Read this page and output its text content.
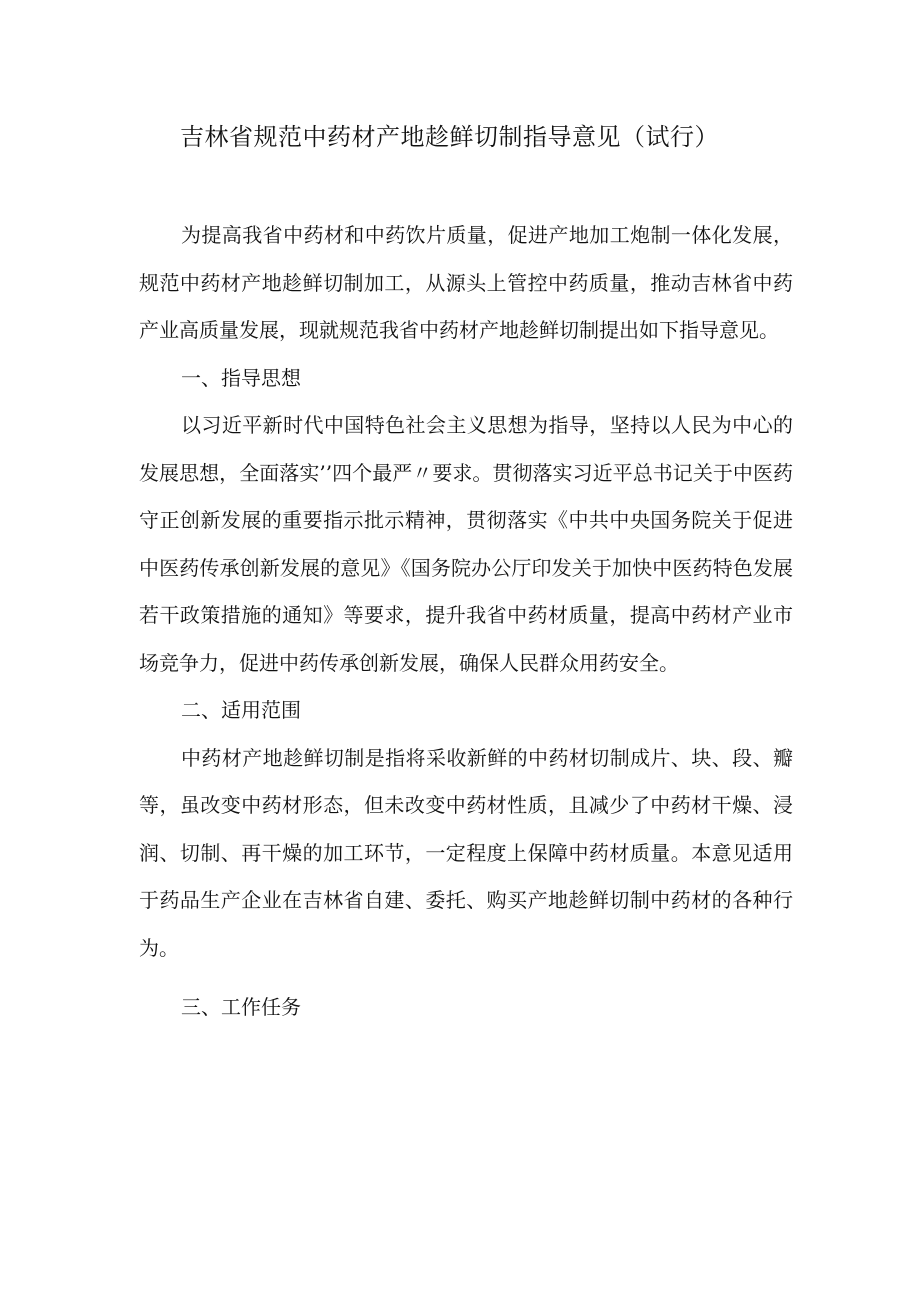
吉林省规范中药材产地趁鲜切制指导意见（试行）

为提高我省中药材和中药饮片质量，促进产地加工炮制一体化发展，规范中药材产地趁鲜切制加工，从源头上管控中药质量，推动吉林省中药产业高质量发展，现就规范我省中药材产地趁鲜切制提出如下指导意见。

一、指导思想

以习近平新时代中国特色社会主义思想为指导，坚持以人民为中心的发展思想，全面落实’’四个最严〃要求。贯彻落实习近平总书记关于中医药守正创新发展的重要指示批示精神，贯彻落实《中共中央国务院关于促进中医药传承创新发展的意见》《国务院办公厅印发关于加快中医药特色发展若干政策措施的通知》等要求，提升我省中药材质量，提高中药材产业市场竞争力，促进中药传承创新发展，确保人民群众用药安全。

二、适用范围

中药材产地趁鲜切制是指将采收新鲜的中药材切制成片、块、段、瓣等，虽改变中药材形态，但未改变中药材性质，且减少了中药材干燥、浸润、切制、再干燥的加工环节，一定程度上保障中药材质量。本意见适用于药品生产企业在吉林省自建、委托、购买产地趁鲜切制中药材的各种行为。

三、工作任务
